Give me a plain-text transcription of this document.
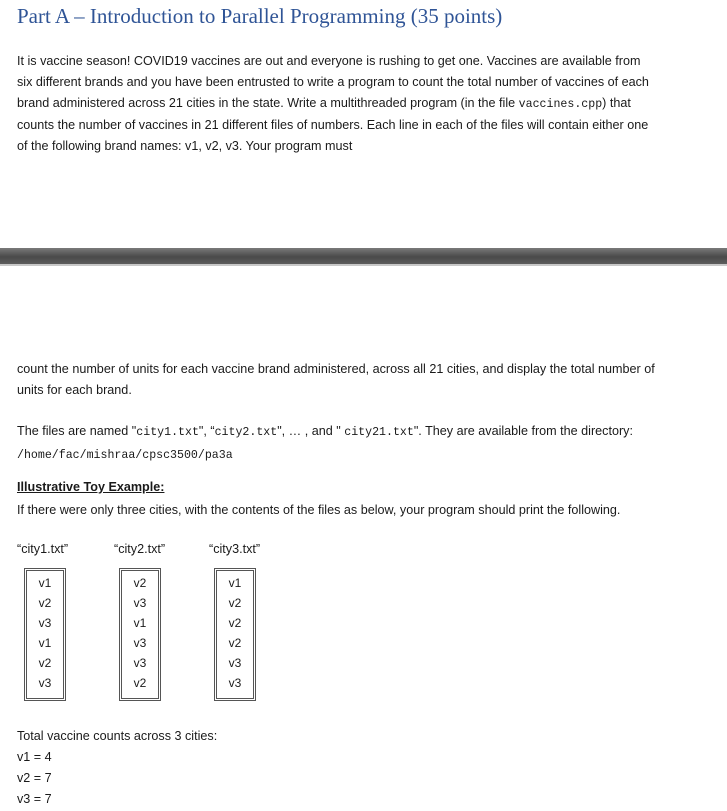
Part A – Introduction to Parallel Programming (35 points)
It is vaccine season! COVID19 vaccines are out and everyone is rushing to get one. Vaccines are available from six different brands and you have been entrusted to write a program to count the total number of vaccines of each brand administered across 21 cities in the state. Write a multithreaded program (in the file vaccines.cpp) that counts the number of vaccines in 21 different files of numbers. Each line in each of the files will contain either one of the following brand names: v1, v2, v3. Your program must
count the number of units for each vaccine brand administered, across all 21 cities, and display the total number of units for each brand.
The files are named "city1.txt", “city2.txt", … , and " city21.txt". They are available from the directory: /home/fac/mishraa/cpsc3500/pa3a
Illustrative Toy Example:
If there were only three cities, with the contents of the files as below, your program should print the following.
“city1.txt”	“city2.txt”	“city3.txt”
v1
v2
v3
v1
v2
v3
v2
v3
v1
v3
v3
v2
v1
v2
v2
v2
v3
v3
Total vaccine counts across 3 cities:
v1 = 4
v2 = 7
v3 = 7
